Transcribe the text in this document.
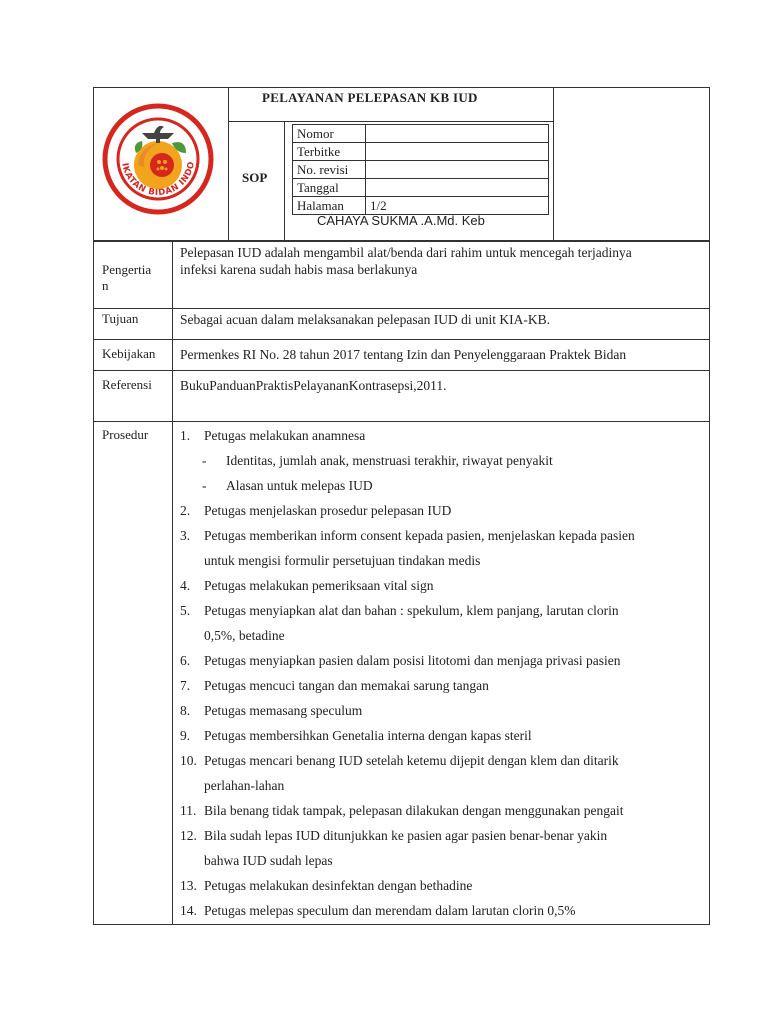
IKATAN BIDAN INDO
PELAYANAN PELEPASAN KB IUD
SOP
Nomor	
Terbitke	
No. revisi	
Tanggal	
Halaman	1/2
CAHAYA SUKMA .A.Md. Keb
Pengertia
n
Pelepasan IUD adalah mengambil alat/benda dari rahim untuk mencegah terjadinya
infeksi karena sudah habis masa berlakunya
Tujuan	Sebagai acuan dalam melaksanakan pelepasan IUD di unit KIA-KB.
Kebijakan Permenkes RI No. 28 tahun 2017 tentang Izin dan Penyelenggaraan Praktek Bidan
Referensi BukuPanduanPraktisPelayananKontrasepsi,2011.
Prosedur 1.	Petugas melakukan anamnesa
-	Identitas, jumlah anak, menstruasi terakhir, riwayat penyakit
-	Alasan untuk melepas IUD
2.	Petugas menjelaskan prosedur pelepasan IUD
3.	Petugas memberikan inform consent kepada pasien, menjelaskan kepada pasien
untuk mengisi formulir persetujuan tindakan medis
4.	Petugas melakukan pemeriksaan vital sign
5.	Petugas menyiapkan alat dan bahan : spekulum, klem panjang, larutan clorin
0,5%, betadine
6.	Petugas menyiapkan pasien dalam posisi litotomi dan menjaga privasi pasien
7.	Petugas mencuci tangan dan memakai sarung tangan
8.	Petugas memasang speculum
9.	Petugas membersihkan Genetalia interna dengan kapas steril
10. Petugas mencari benang IUD setelah ketemu dijepit dengan klem dan ditarik
perlahan-lahan
11. Bila benang tidak tampak, pelepasan dilakukan dengan menggunakan pengait
12. Bila sudah lepas IUD ditunjukkan ke pasien agar pasien benar-benar yakin
bahwa IUD sudah lepas
13. Petugas melakukan desinfektan dengan bethadine
14. Petugas melepas speculum dan merendam dalam larutan clorin 0,5%
